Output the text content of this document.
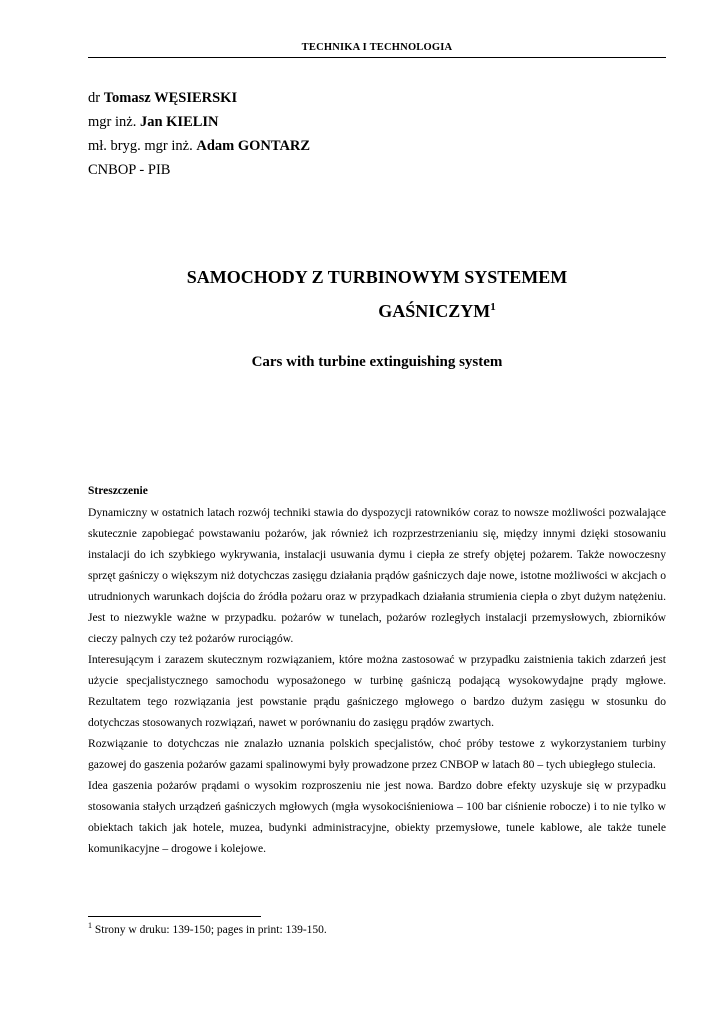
TECHNIKA I TECHNOLOGIA
dr Tomasz WĘSIERSKI
mgr inż. Jan KIELIN
mł. bryg. mgr inż. Adam GONTARZ
CNBOP - PIB
SAMOCHODY Z TURBINOWYM SYSTEMEM
GAŚNICZYM$^1$
Cars with turbine extinguishing system
Streszczenie

Dynamiczny w ostatnich latach rozwój techniki stawia do dyspozycji ratowników coraz to nowsze możliwości pozwalające skutecznie zapobiegać powstawaniu pożarów, jak również ich rozprzestrzenianiu się, między innymi dzięki stosowaniu instalacji do ich szybkiego wykrywania, instalacji usuwania dymu i ciepła ze strefy objętej pożarem. Także nowoczesny sprzęt gaśniczy o większym niż dotychczas zasięgu działania prądów gaśniczych daje nowe, istotne możliwości w akcjach o utrudnionych warunkach dojścia do źródła pożaru oraz w przypadkach działania strumienia ciepła o zbyt dużym natężeniu. Jest to niezwykle ważne w przypadku. pożarów w tunelach, pożarów rozległych instalacji przemysłowych, zbiorników cieczy palnych czy też pożarów rurociągów.

Interesującym i zarazem skutecznym rozwiązaniem, które można zastosować w przypadku zaistnienia takich zdarzeń jest użycie specjalistycznego samochodu wyposażonego w turbinę gaśniczą podającą wysokowydajne prądy mgłowe. Rezultatem tego rozwiązania jest powstanie prądu gaśniczego mgłowego o bardzo dużym zasięgu w stosunku do dotychczas stosowanych rozwiązań, nawet w porównaniu do zasięgu prądów zwartych.

Rozwiązanie to dotychczas nie znalazło uznania polskich specjalistów, choć próby testowe z wykorzystaniem turbiny gazowej do gaszenia pożarów gazami spalinowymi były prowadzone przez CNBOP w latach 80 – tych ubiegłego stulecia.

Idea gaszenia pożarów prądami o wysokim rozproszeniu nie jest nowa. Bardzo dobre efekty uzyskuje się w przypadku stosowania stałych urządzeń gaśniczych mgłowych (mgła wysokociśnieniowa – 100 bar ciśnienie robocze) i to nie tylko w obiektach takich jak hotele, muzea, budynki administracyjne, obiekty przemysłowe, tunele kablowe, ale także tunele komunikacyjne – drogowe i kolejowe.

$^1$ Strony w druku: 139-150; pages in print: 139-150.
